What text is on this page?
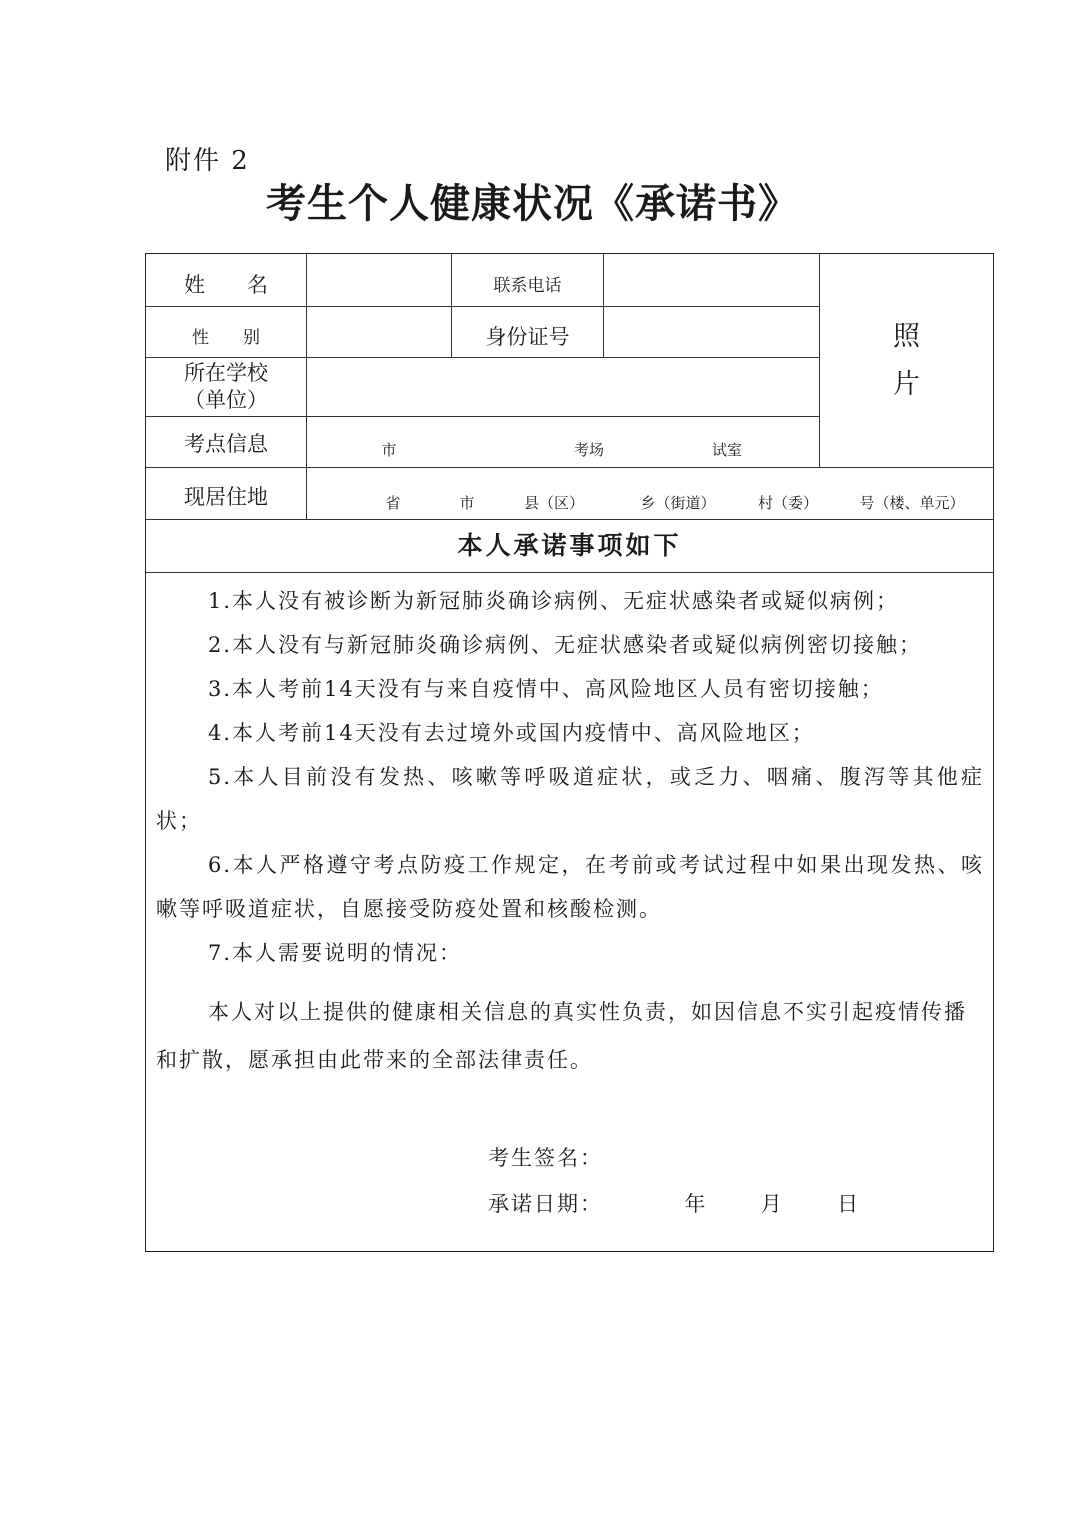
附件 2
考生个人健康状况《承诺书》
姓　　名	联系电话
性　　别	身份证号
所在学校
（单位）
考点信息	市	考场	试室
照
片
现居住地	省	市	县（区）	乡（街道）	村（委）	号（楼、单元）
本人承诺事项如下
1.本人没有被诊断为新冠肺炎确诊病例、无症状感染者或疑似病例；
2.本人没有与新冠肺炎确诊病例、无症状感染者或疑似病例密切接触；
3.本人考前14天没有与来自疫情中、高风险地区人员有密切接触；
4.本人考前14天没有去过境外或国内疫情中、高风险地区；
5.本人目前没有发热、咳嗽等呼吸道症状，或乏力、咽痛、腹泻等其他症状；
6.本人严格遵守考点防疫工作规定，在考前或考试过程中如果出现发热、咳嗽等呼吸道症状，自愿接受防疫处置和核酸检测。
7.本人需要说明的情况：
本人对以上提供的健康相关信息的真实性负责，如因信息不实引起疫情传播和扩散，愿承担由此带来的全部法律责任。
考生签名：
承诺日期：	年	月	日
